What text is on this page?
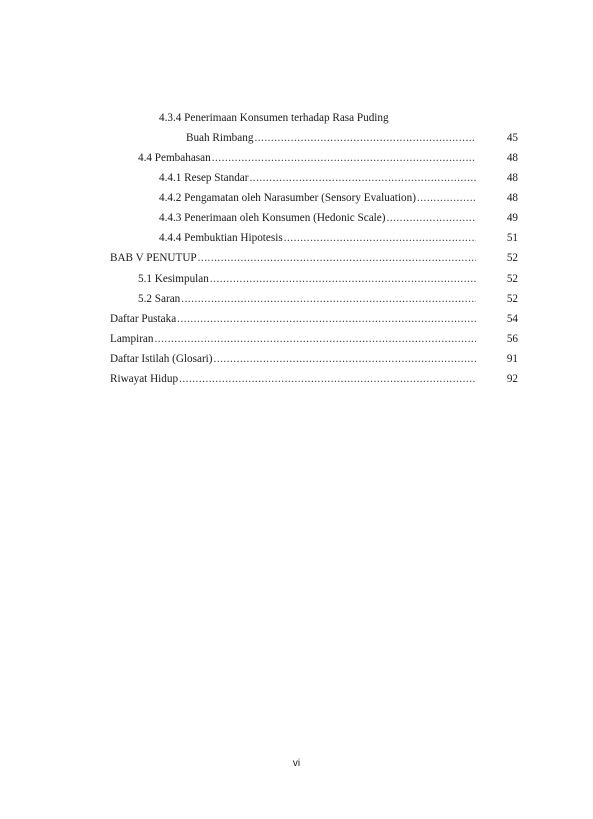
4.3.4 Penerimaan Konsumen terhadap Rasa Puding
Buah Rimbang .....	45
4.4 Pembahasan .....	48
4.4.1 Resep Standar .....	48
4.4.2 Pengamatan oleh Narasumber (Sensory Evaluation) .....	48
4.4.3 Penerimaan oleh Konsumen (Hedonic Scale) .....	49
4.4.4 Pembuktian Hipotesis .....	51
BAB V PENUTUP .....	52
5.1 Kesimpulan .....	52
5.2 Saran .....	52
Daftar Pustaka .....	54
Lampiran .....	56
Daftar Istilah (Glosari) .....	91
Riwayat Hidup .....	92
vi
